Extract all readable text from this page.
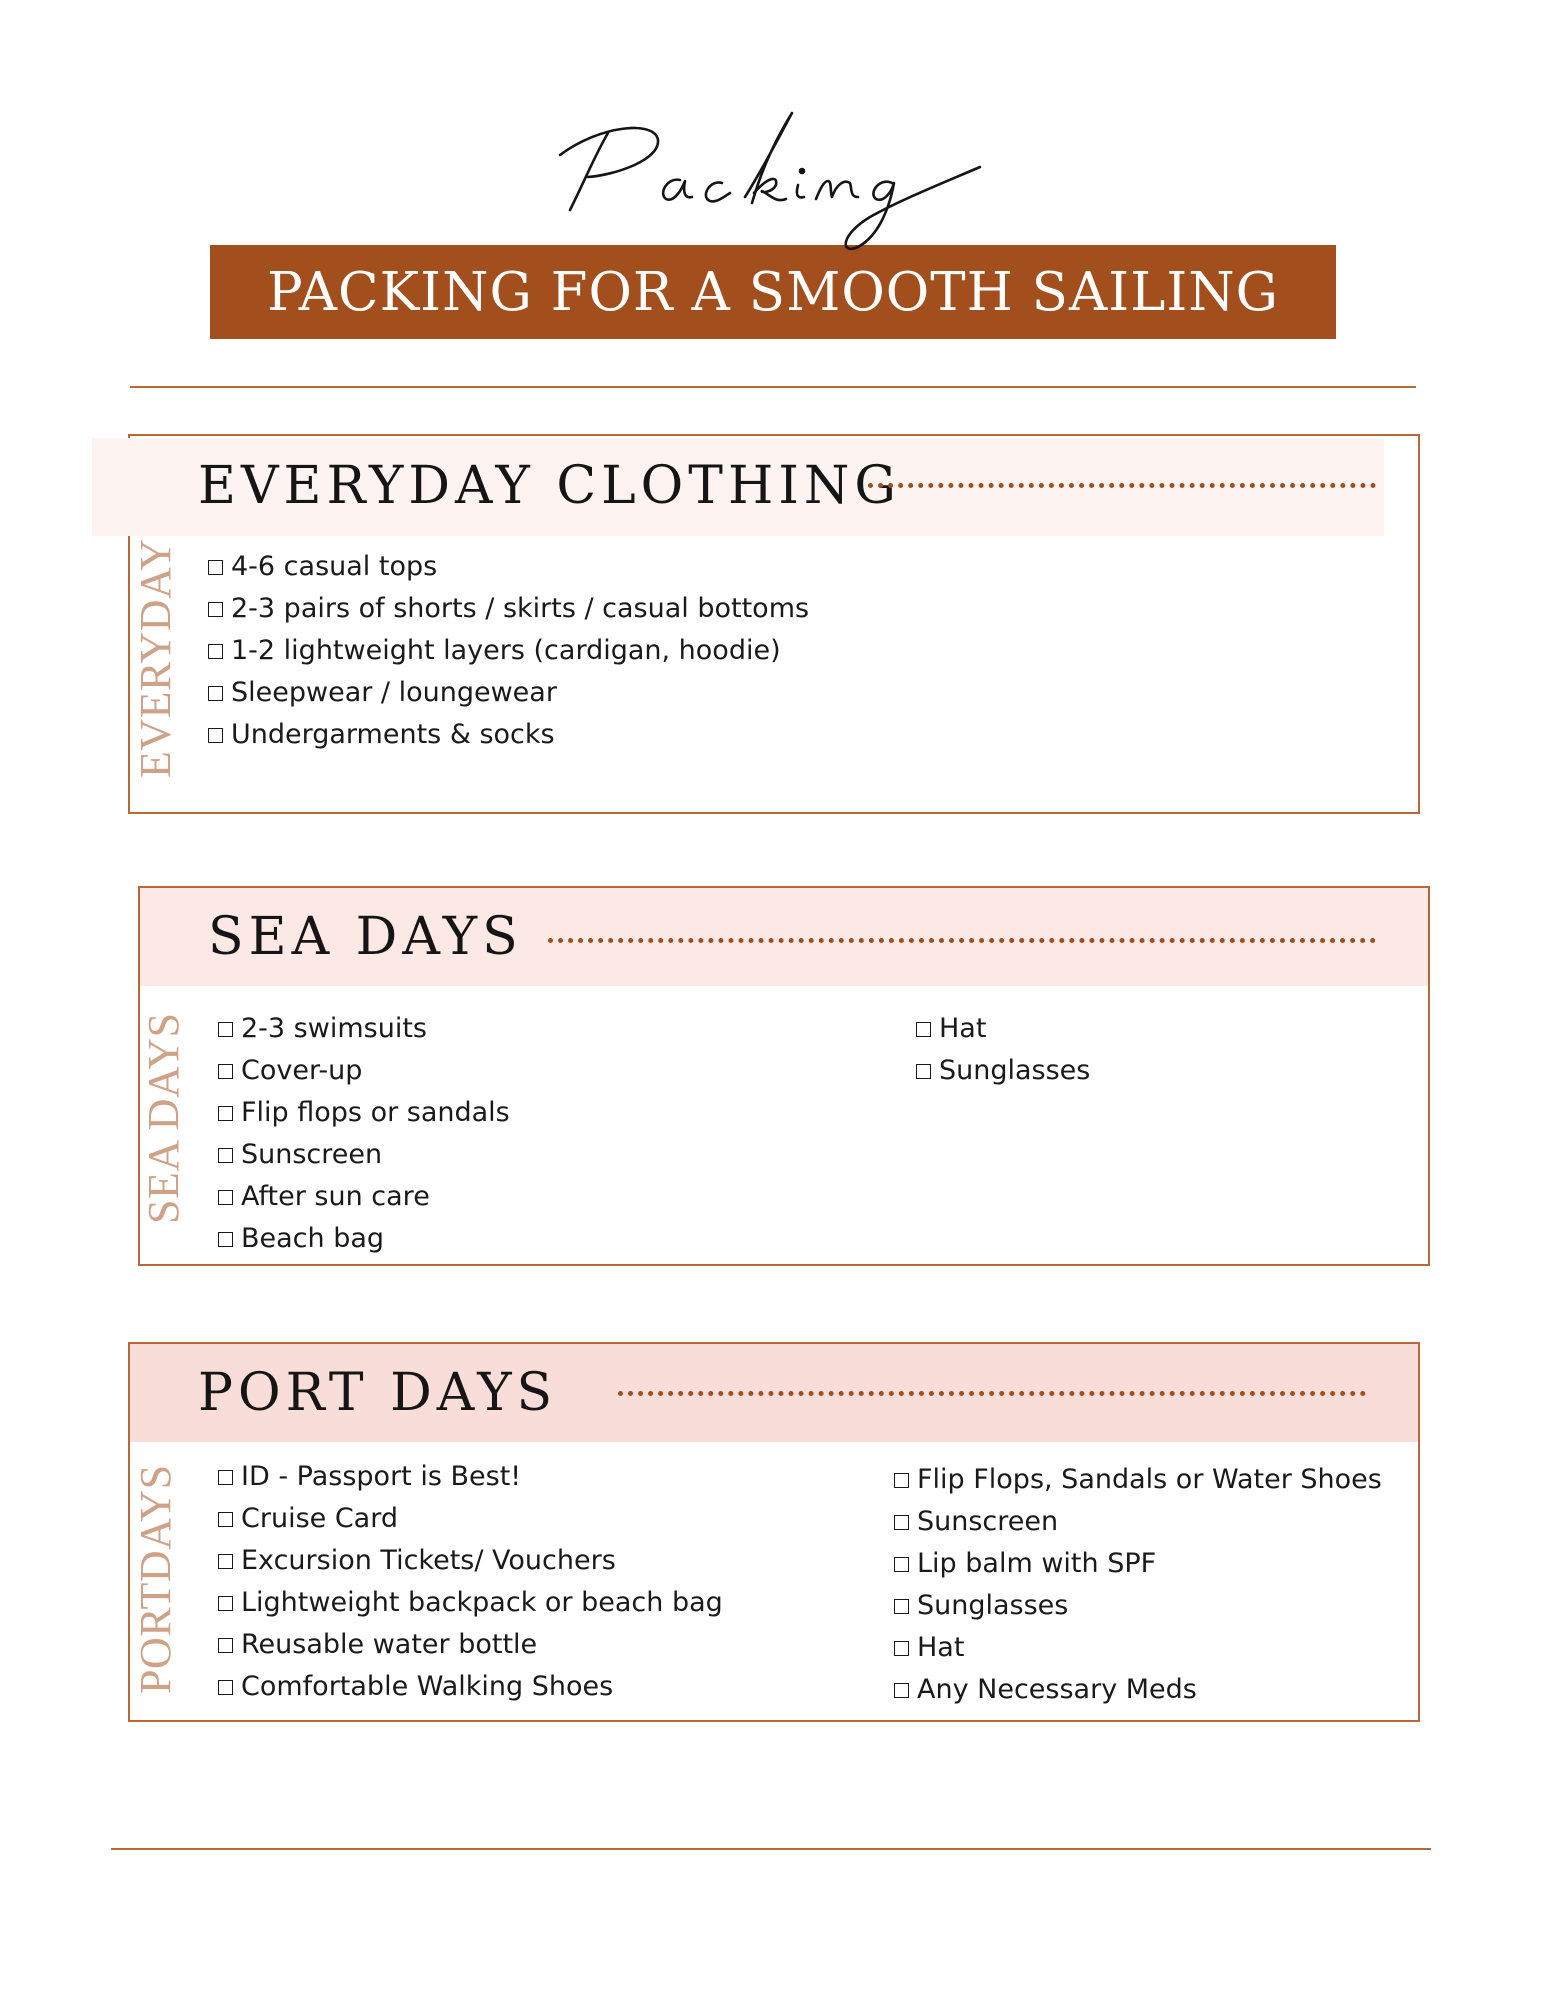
PACKING FOR A SMOOTH SAILING
EVERYDAY CLOTHING
EVERYDAY 4-6 casual tops
2-3 pairs of shorts / skirts / casual bottoms
1-2 lightweight layers (cardigan, hoodie)
Sleepwear / loungewear
Undergarments & socks
SEA DAYS
SEA DAYS 2-3 swimsuits
Cover-up
Flip flops or sandals
Sunscreen
After sun care
Beach bag
Hat
Sunglasses
PORT DAYS
PORTDAYS ID - Passport is Best!
Cruise Card
Excursion Tickets/ Vouchers
Lightweight backpack or beach bag
Reusable water bottle
Comfortable Walking Shoes
Flip Flops, Sandals or Water Shoes
Sunscreen
Lip balm with SPF
Sunglasses
Hat
Any Necessary Meds
